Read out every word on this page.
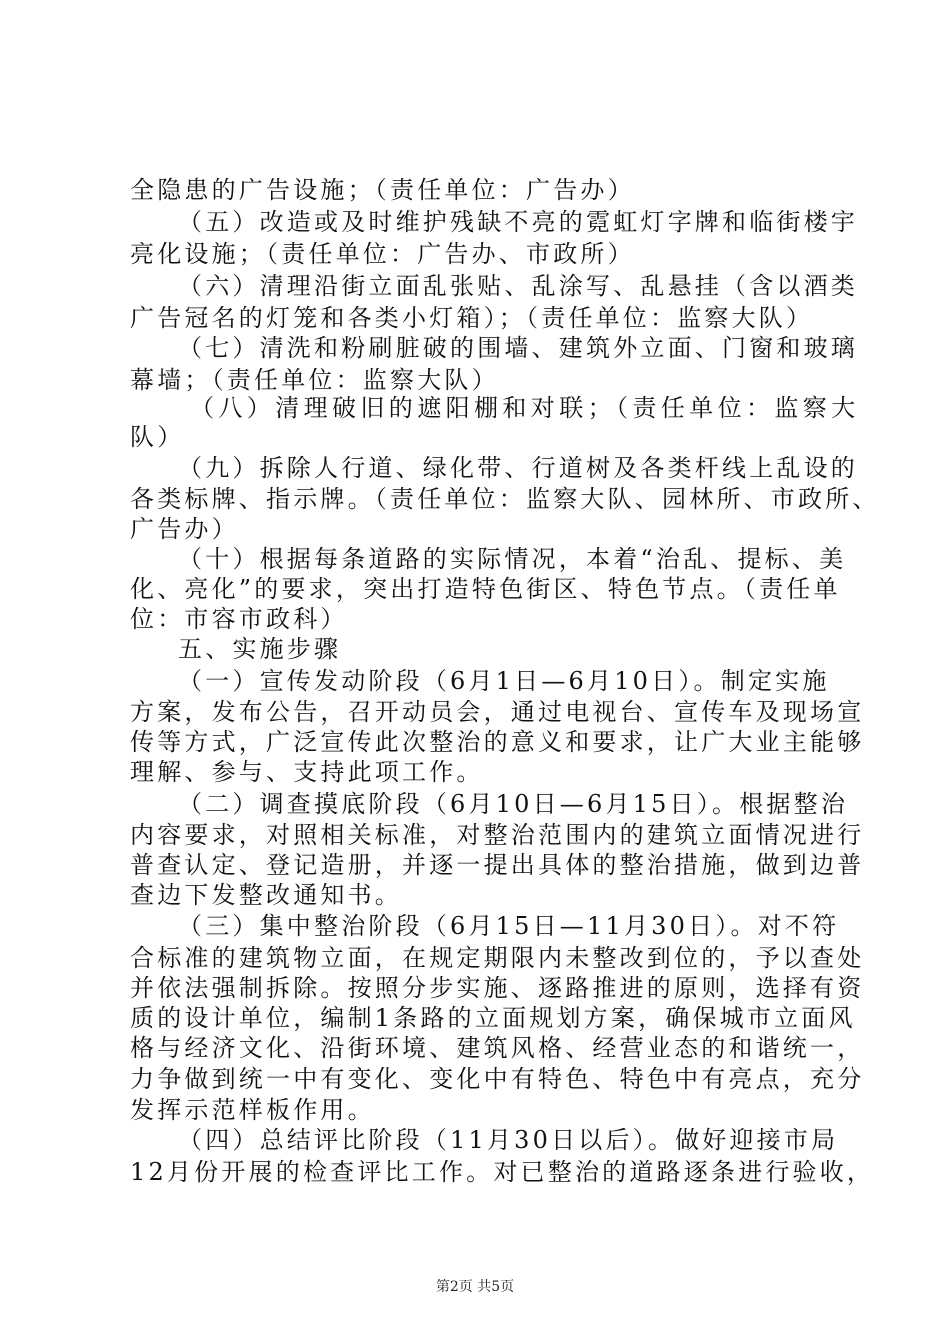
全隐患的广告设施；（责任单位：广告办）
（五）改造或及时维护残缺不亮的霓虹灯字牌和临街楼宇
亮化设施；（责任单位：广告办、市政所）
（六）清理沿街立面乱张贴、乱涂写、乱悬挂（含以酒类
广告冠名的灯笼和各类小灯箱）；（责任单位：监察大队）
（七）清洗和粉刷脏破的围墙、建筑外立面、门窗和玻璃
幕墙；（责任单位：监察大队）
（八）清理破旧的遮阳棚和对联；（责任单位：监察大
队）
（九）拆除人行道、绿化带、行道树及各类杆线上乱设的
各类标牌、指示牌。（责任单位：监察大队、园林所、市政所、
广告办）
（十）根据每条道路的实际情况，本着“治乱、提标、美
化、亮化”的要求，突出打造特色街区、特色节点。（责任单
位：市容市政科）
五、实施步骤
（一）宣传发动阶段（6月1日—6月10日）。制定实施
方案，发布公告，召开动员会，通过电视台、宣传车及现场宣
传等方式，广泛宣传此次整治的意义和要求，让广大业主能够
理解、参与、支持此项工作。
（二）调查摸底阶段（6月10日—6月15日）。根据整治
内容要求，对照相关标准，对整治范围内的建筑立面情况进行
普查认定、登记造册，并逐一提出具体的整治措施，做到边普
查边下发整改通知书。
（三）集中整治阶段（6月15日—11月30日）。对不符
合标准的建筑物立面，在规定期限内未整改到位的，予以查处
并依法强制拆除。按照分步实施、逐路推进的原则，选择有资
质的设计单位，编制1条路的立面规划方案，确保城市立面风
格与经济文化、沿街环境、建筑风格、经营业态的和谐统一，
力争做到统一中有变化、变化中有特色、特色中有亮点，充分
发挥示范样板作用。
（四）总结评比阶段（11月30日以后）。做好迎接市局
12月份开展的检查评比工作。对已整治的道路逐条进行验收，
第2页 共5页
